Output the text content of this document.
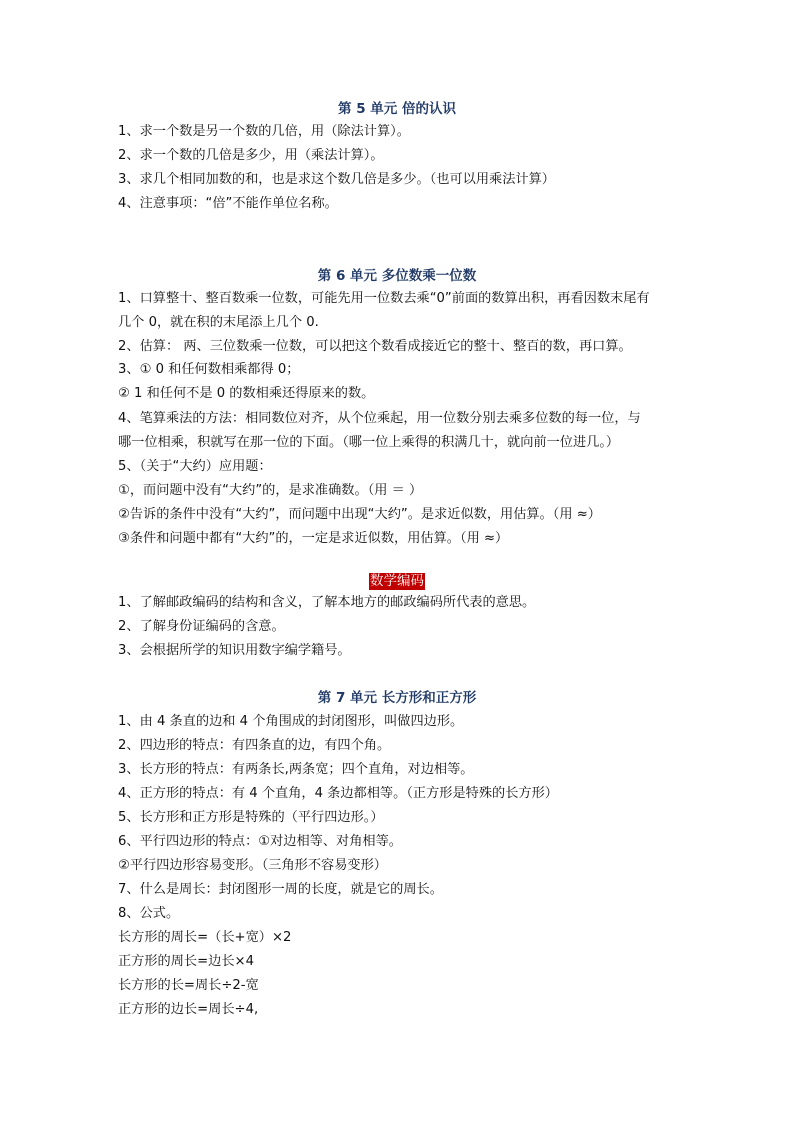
第 5 单元 倍的认识
1、求一个数是另一个数的几倍，用（除法计算）。
2、求一个数的几倍是多少，用（乘法计算）。
3、求几个相同加数的和，也是求这个数几倍是多少。（也可以用乘法计算）
4、注意事项：“倍”不能作单位名称。
第 6 单元 多位数乘一位数
1、口算整十、整百数乘一位数，可能先用一位数去乘“0”前面的数算出积，再看因数末尾有
几个 0，就在积的末尾添上几个 0.
2、估算： 两、三位数乘一位数，可以把这个数看成接近它的整十、整百的数，再口算。
3、① 0 和任何数相乘都得 0；
② 1 和任何不是 0 的数相乘还得原来的数。
4、笔算乘法的方法：相同数位对齐，从个位乘起，用一位数分别去乘多位数的每一位，与
哪一位相乘，积就写在那一位的下面。（哪一位上乘得的积满几十，就向前一位进几。）
5、（关于“大约）应用题：
①，而问题中没有“大约”的，是求准确数。（用 ＝ ）
②告诉的条件中没有“大约”，而问题中出现“大约”。是求近似数，用估算。（用 ≈）
③条件和问题中都有“大约”的，一定是求近似数，用估算。（用 ≈）
数学编码
1、了解邮政编码的结构和含义，了解本地方的邮政编码所代表的意思。
2、了解身份证编码的含意。
3、会根据所学的知识用数字编学籍号。
第 7 单元 长方形和正方形
1、由 4 条直的边和 4 个角围成的封闭图形，叫做四边形。
2、四边形的特点：有四条直的边，有四个角。
3、长方形的特点：有两条长,两条宽；四个直角，对边相等。
4、正方形的特点：有 4 个直角，4 条边都相等。（正方形是特殊的长方形）
5、长方形和正方形是特殊的（平行四边形。）
6、平行四边形的特点：①对边相等、对角相等。
②平行四边形容易变形。（三角形不容易变形）
7、什么是周长：封闭图形一周的长度，就是它的周长。
8、公式。
长方形的周长=（长+宽）×2
正方形的周长=边长×4
长方形的长=周长÷2-宽
正方形的边长=周长÷4,
